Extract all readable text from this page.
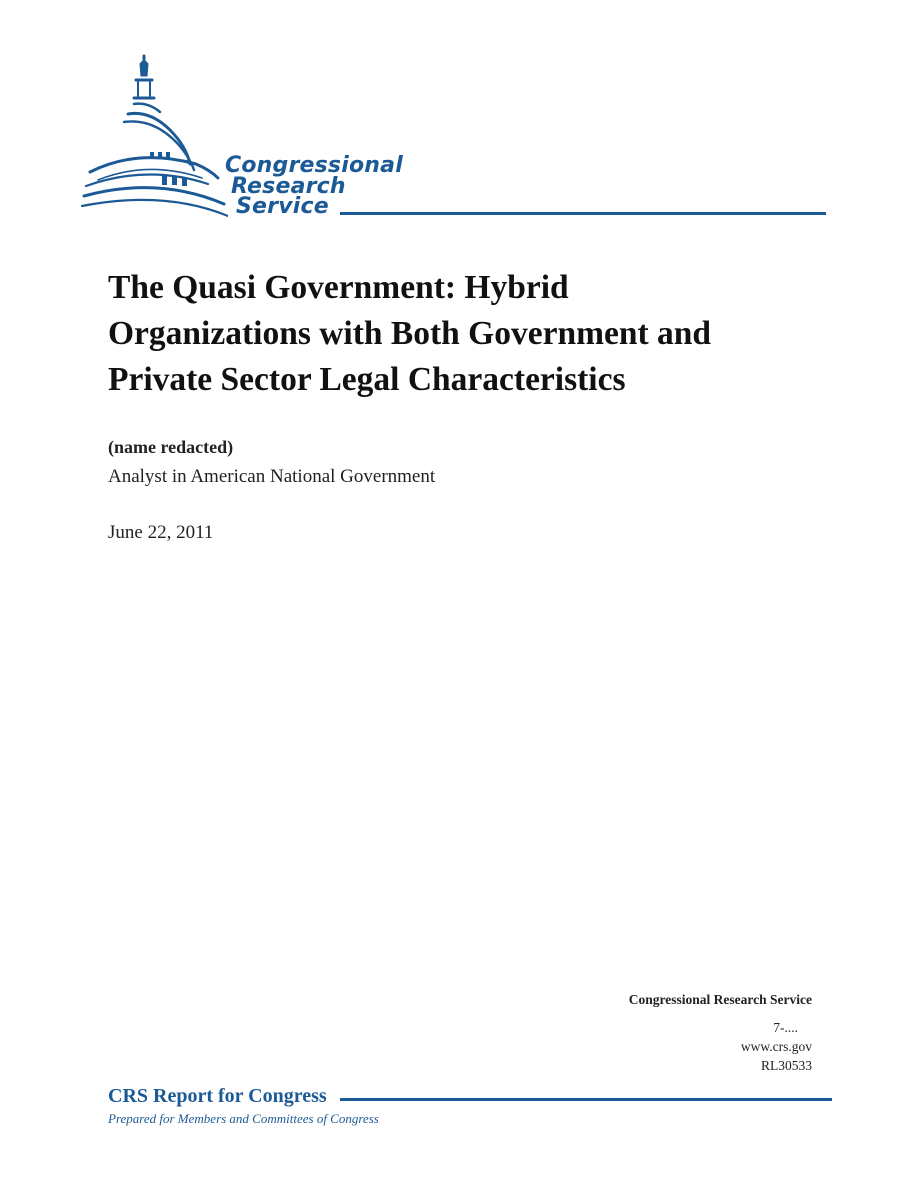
Congressional
Research
Service
The Quasi Government: Hybrid
Organizations with Both Government and
Private Sector Legal Characteristics
(name redacted)
Analyst in American National Government
June 22, 2011
Congressional Research Service
7-....
www.crs.gov
RL30533
CRS Report for Congress
Prepared for Members and Committees of Congress
